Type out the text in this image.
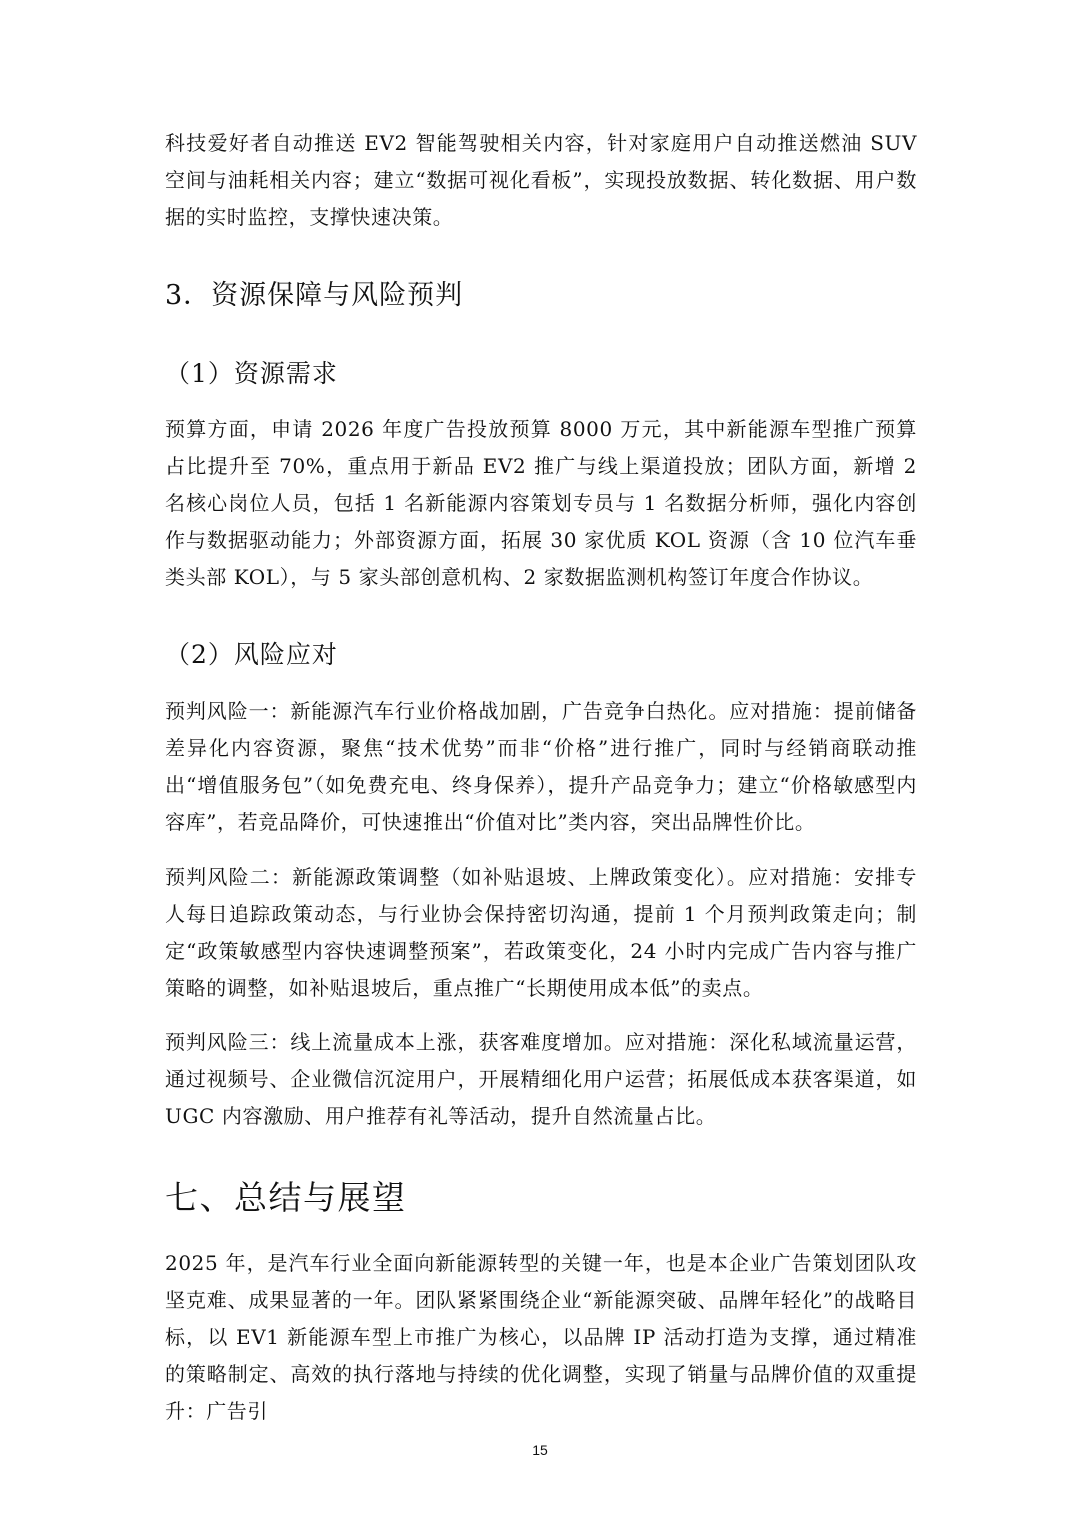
科技爱好者自动推送 EV2 智能驾驶相关内容，针对家庭用户自动推送燃油 SUV 空间与油耗相关内容；建立“数据可视化看板”，实现投放数据、转化数据、用户数据的实时监控，支撑快速决策。

3．资源保障与风险预判
（1）资源需求

预算方面，申请 2026 年度广告投放预算 8000 万元，其中新能源车型推广预算占比提升至 70%，重点用于新品 EV2 推广与线上渠道投放；团队方面，新增 2 名核心岗位人员，包括 1 名新能源内容策划专员与 1 名数据分析师，强化内容创作与数据驱动能力；外部资源方面，拓展 30 家优质 KOL 资源（含 10 位汽车垂类头部 KOL），与 5 家头部创意机构、2 家数据监测机构签订年度合作协议。

（2）风险应对

预判风险一：新能源汽车行业价格战加剧，广告竞争白热化。应对措施：提前储备差异化内容资源，聚焦“技术优势”而非“价格”进行推广，同时与经销商联动推出“增值服务包”（如免费充电、终身保养），提升产品竞争力；建立“价格敏感型内容库”，若竞品降价，可快速推出“价值对比”类内容，突出品牌性价比。

预判风险二：新能源政策调整（如补贴退坡、上牌政策变化）。应对措施：安排专人每日追踪政策动态，与行业协会保持密切沟通，提前 1 个月预判政策走向；制定“政策敏感型内容快速调整预案”，若政策变化，24 小时内完成广告内容与推广策略的调整，如补贴退坡后，重点推广“长期使用成本低”的卖点。

预判风险三：线上流量成本上涨，获客难度增加。应对措施：深化私域流量运营，通过视频号、企业微信沉淀用户，开展精细化用户运营；拓展低成本获客渠道，如 UGC 内容激励、用户推荐有礼等活动，提升自然流量占比。

七、总结与展望

2025 年，是汽车行业全面向新能源转型的关键一年，也是本企业广告策划团队攻坚克难、成果显著的一年。团队紧紧围绕企业“新能源突破、品牌年轻化”的战略目标，以 EV1 新能源车型上市推广为核心，以品牌 IP 活动打造为支撑，通过精准的策略制定、高效的执行落地与持续的优化调整，实现了销量与品牌价值的双重提升：广告引

15
